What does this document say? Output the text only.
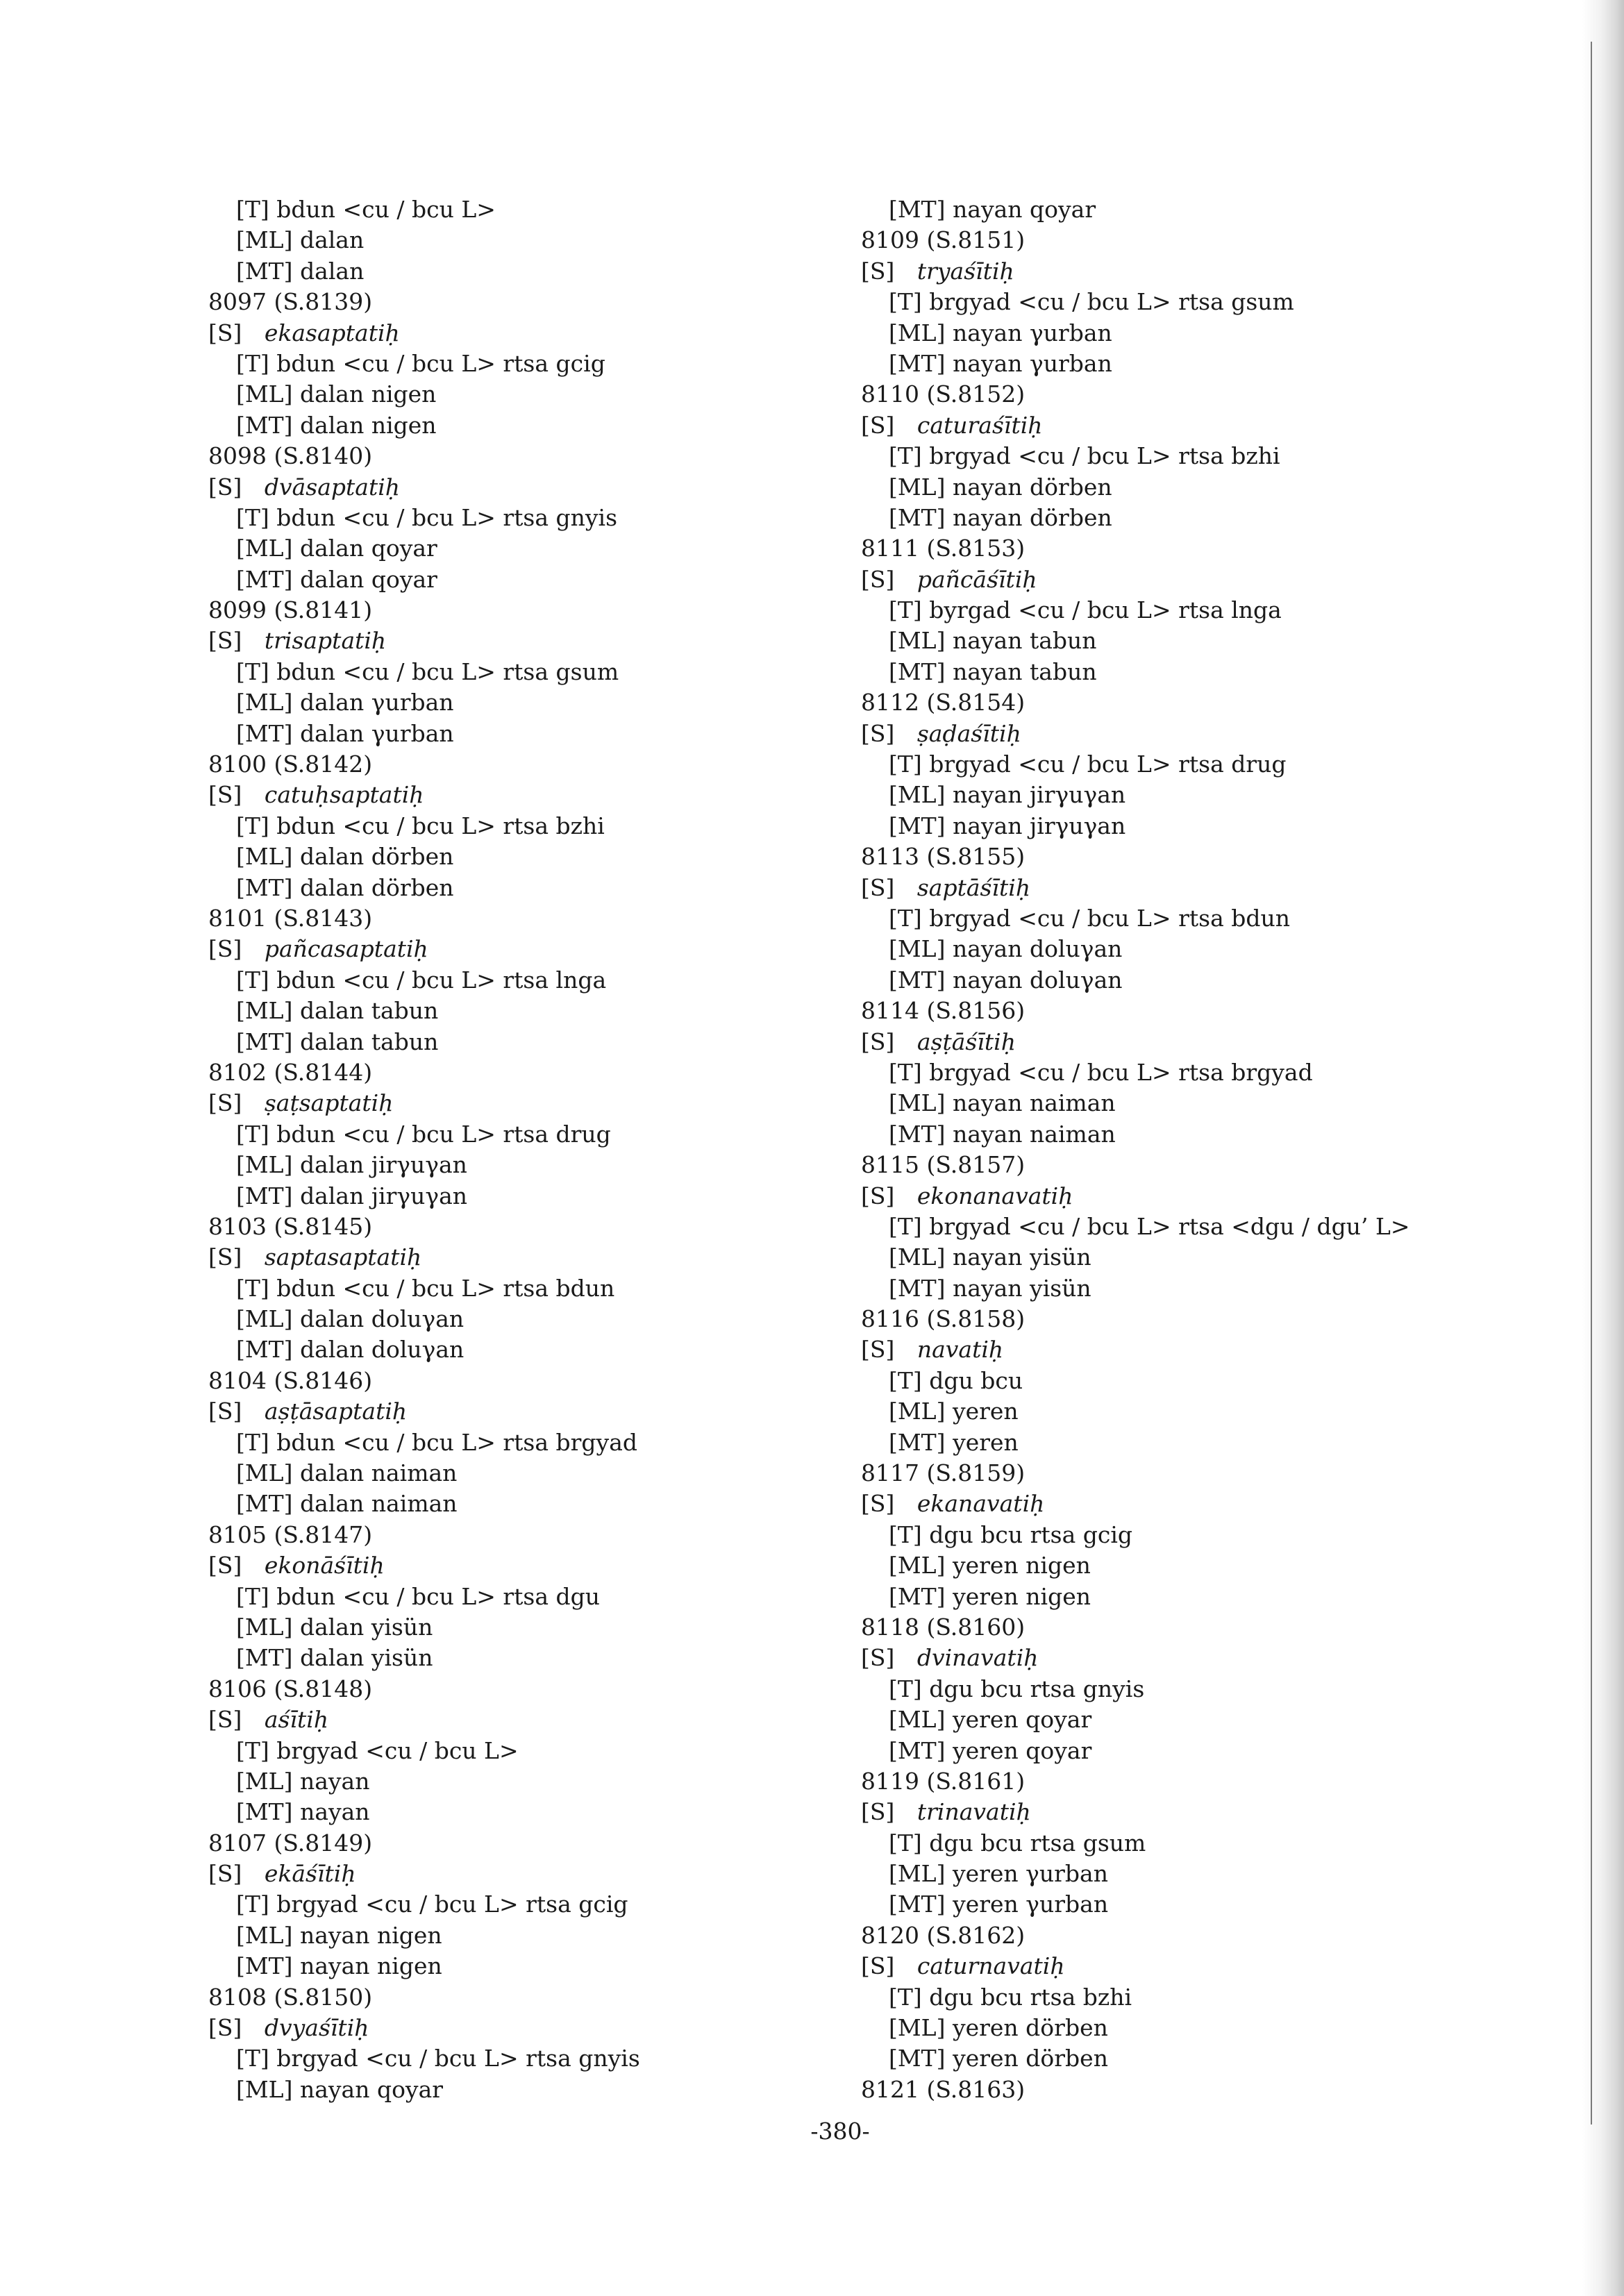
[T] bdun <cu / bcu L>
[ML] dalan
[MT] dalan
8097 (S.8139)
[S] ekasaptatiḥ
[T] bdun <cu / bcu L> rtsa gcig
[ML] dalan nigen
[MT] dalan nigen
8098 (S.8140)
[S] dvāsaptatiḥ
[T] bdun <cu / bcu L> rtsa gnyis
[ML] dalan qoyar
[MT] dalan qoyar
8099 (S.8141)
[S] trisaptatiḥ
[T] bdun <cu / bcu L> rtsa gsum
[ML] dalan γurban
[MT] dalan γurban
8100 (S.8142)
[S] catuḥsaptatiḥ
[T] bdun <cu / bcu L> rtsa bzhi
[ML] dalan dörben
[MT] dalan dörben
8101 (S.8143)
[S] pañcasaptatiḥ
[T] bdun <cu / bcu L> rtsa lnga
[ML] dalan tabun
[MT] dalan tabun
8102 (S.8144)
[S] ṣaṭsaptatiḥ
[T] bdun <cu / bcu L> rtsa drug
[ML] dalan jirγuγan
[MT] dalan jirγuγan
8103 (S.8145)
[S] saptasaptatiḥ
[T] bdun <cu / bcu L> rtsa bdun
[ML] dalan doluγan
[MT] dalan doluγan
8104 (S.8146)
[S] aṣṭāsaptatiḥ
[T] bdun <cu / bcu L> rtsa brgyad
[ML] dalan naiman
[MT] dalan naiman
8105 (S.8147)
[S] ekonāśītiḥ
[T] bdun <cu / bcu L> rtsa dgu
[ML] dalan yisün
[MT] dalan yisün
8106 (S.8148)
[S] aśītiḥ
[T] brgyad <cu / bcu L>
[ML] nayan
[MT] nayan
8107 (S.8149)
[S] ekāśītiḥ
[T] brgyad <cu / bcu L> rtsa gcig
[ML] nayan nigen
[MT] nayan nigen
8108 (S.8150)
[S] dvyaśītiḥ
[T] brgyad <cu / bcu L> rtsa gnyis
[ML] nayan qoyar
[MT] nayan qoyar
8109 (S.8151)
[S] tryaśītiḥ
[T] brgyad <cu / bcu L> rtsa gsum
[ML] nayan γurban
[MT] nayan γurban
8110 (S.8152)
[S] caturaśītiḥ
[T] brgyad <cu / bcu L> rtsa bzhi
[ML] nayan dörben
[MT] nayan dörben
8111 (S.8153)
[S] pañcāśītiḥ
[T] byrgad <cu / bcu L> rtsa lnga
[ML] nayan tabun
[MT] nayan tabun
8112 (S.8154)
[S] ṣaḍaśītiḥ
[T] brgyad <cu / bcu L> rtsa drug
[ML] nayan jirγuγan
[MT] nayan jirγuγan
8113 (S.8155)
[S] saptāśītiḥ
[T] brgyad <cu / bcu L> rtsa bdun
[ML] nayan doluγan
[MT] nayan doluγan
8114 (S.8156)
[S] aṣṭāśītiḥ
[T] brgyad <cu / bcu L> rtsa brgyad
[ML] nayan naiman
[MT] nayan naiman
8115 (S.8157)
[S] ekonanavatiḥ
[T] brgyad <cu / bcu L> rtsa <dgu / dgu’ L>
[ML] nayan yisün
[MT] nayan yisün
8116 (S.8158)
[S] navatiḥ
[T] dgu bcu
[ML] yeren
[MT] yeren
8117 (S.8159)
[S] ekanavatiḥ
[T] dgu bcu rtsa gcig
[ML] yeren nigen
[MT] yeren nigen
8118 (S.8160)
[S] dvinavatiḥ
[T] dgu bcu rtsa gnyis
[ML] yeren qoyar
[MT] yeren qoyar
8119 (S.8161)
[S] trinavatiḥ
[T] dgu bcu rtsa gsum
[ML] yeren γurban
[MT] yeren γurban
8120 (S.8162)
[S] caturnavatiḥ
[T] dgu bcu rtsa bzhi
[ML] yeren dörben
[MT] yeren dörben
8121 (S.8163)
-380-
